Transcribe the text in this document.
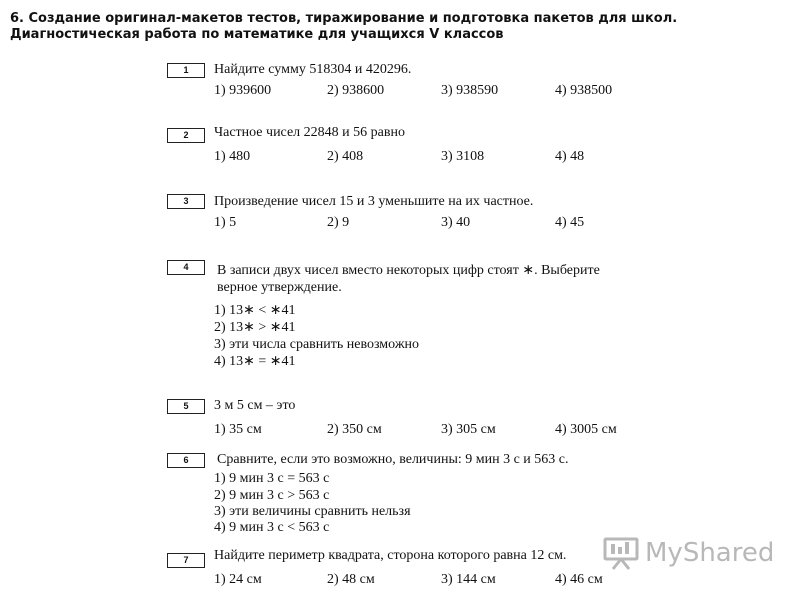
6. Создание оригинал-макетов тестов, тиражирование и подготовка пакетов для школ.
Диагностическая работа по математике для учащихся V классов
1	Найдите сумму 518304 и 420296.
1) 939600	2) 938600	3) 938590	4) 938500
2	Частное чисел 22848 и 56 равно
1) 480	2) 408	3) 3108	4) 48
3	Произведение чисел 15 и 3 уменьшите на их частное.
1) 5	2) 9	3) 40	4) 45
4	В записи двух чисел вместо некоторых цифр стоят ∗. Выберите
верное утверждение.
1) 13∗ < ∗41
2) 13∗ > ∗41
3) эти числа сравнить невозможно
4) 13∗ = ∗41
5	3 м 5 см – это
1) 35 см	2) 350 см	3) 305 см	4) 3005 см
6	Сравните, если это возможно, величины: 9 мин 3 с и 563 с.
1) 9 мин 3 с = 563 с
2) 9 мин 3 с > 563 с
3) эти величины сравнить нельзя
4) 9 мин 3 с < 563 с
7	Найдите периметр квадрата, сторона которого равна 12 см.
1) 24 см	2) 48 см	3) 144 см	4) 46 см
MyShared
